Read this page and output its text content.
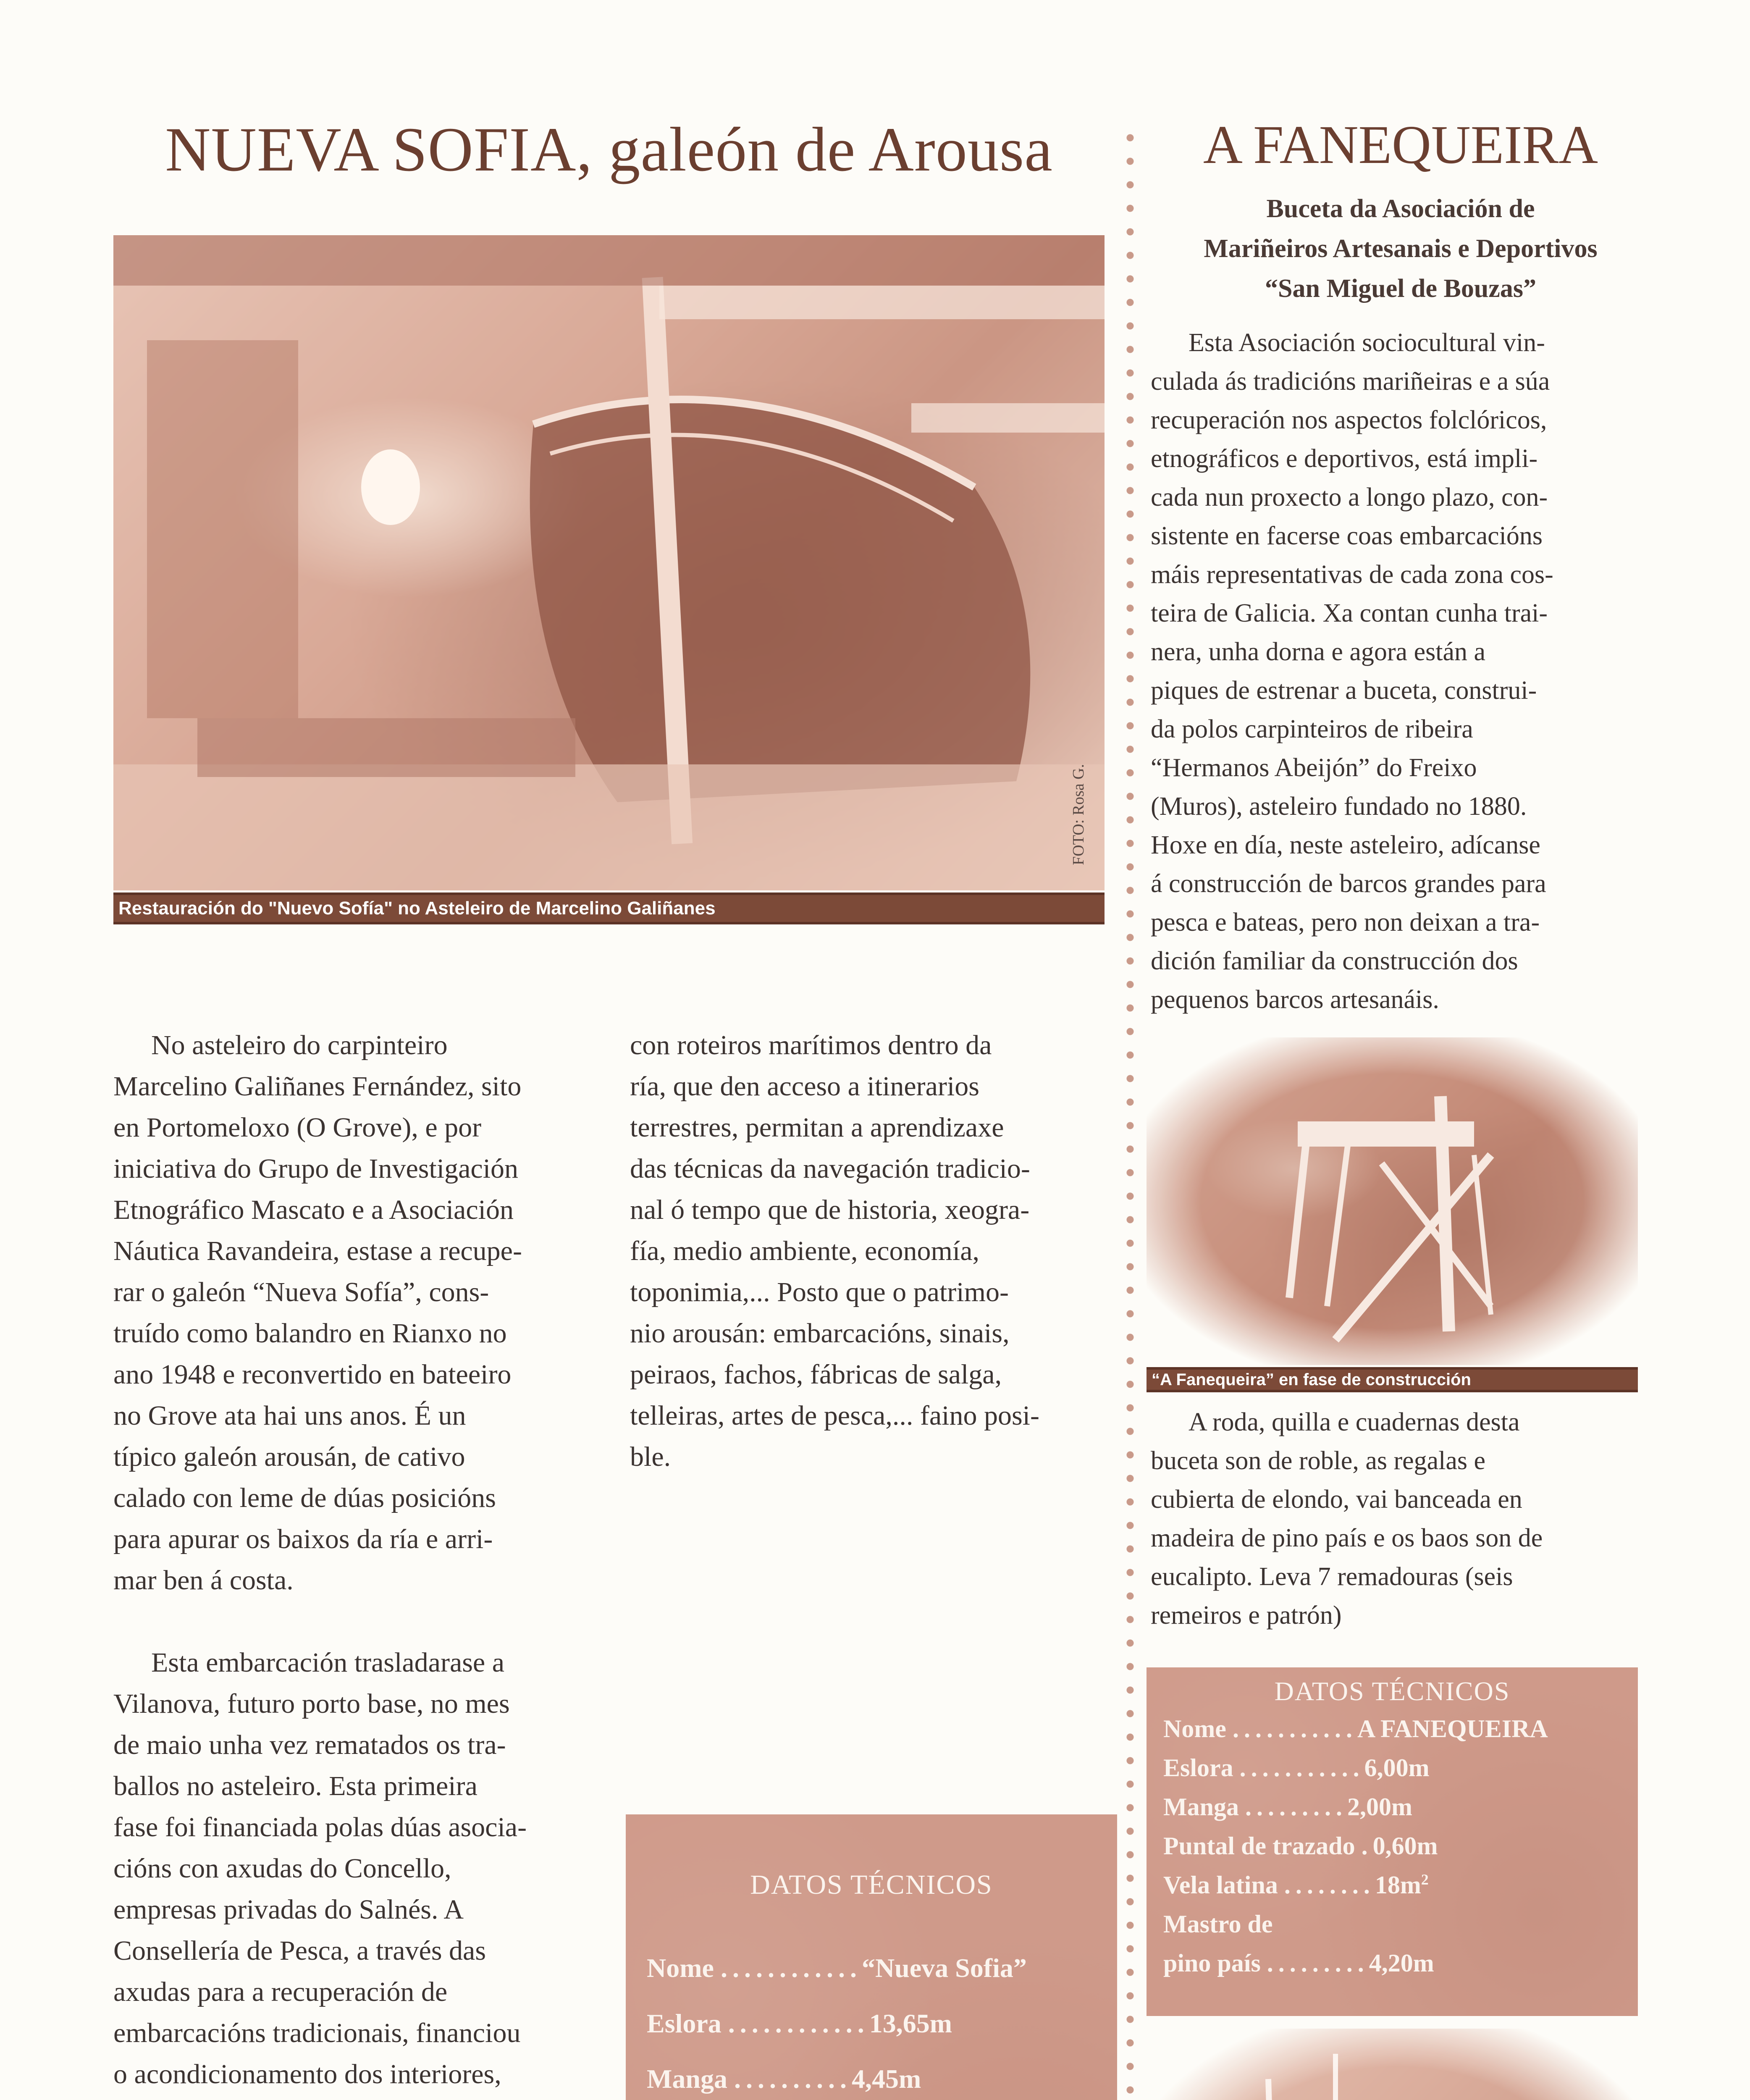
NUEVA SOFIA, galeón de Arousa
FOTO: Rosa G.
Restauración do "Nuevo Sofía" no Asteleiro de Marcelino Galiñanes

No asteleiro do carpinteiro
Marcelino Galiñanes Fernández, sito
en Portomeloxo (O Grove), e por
iniciativa do Grupo de Investigación
Etnográfico Mascato e a Asociación
Náutica Ravandeira, estase a recupe-
rar o galeón “Nueva Sofía”, cons-
truído como balandro en Rianxo no
ano 1948 e reconvertido en bateeiro
no Grove ata hai uns anos. É un
típico galeón arousán, de cativo
calado con leme de dúas posicións
para apurar os baixos da ría e arri-
mar ben á costa.

Esta embarcación trasladarase a
Vilanova, futuro porto base, no mes
de maio unha vez rematados os tra-
ballos no asteleiro. Esta primeira
fase foi financiada polas dúas asocia-
cións con axudas do Concello,
empresas privadas do Salnés. A
Consellería de Pesca, a través das
axudas para a recuperación de
embarcacións tradicionais, financiou
o acondicionamento dos interiores,

con roteiros marítimos dentro da
ría, que den acceso a itinerarios
terrestres, permitan a aprendizaxe
das técnicas da navegación tradicio-
nal ó tempo que de historia, xeogra-
fía, medio ambiente, economía,
toponimia,... Posto que o patrimo-
nio arousán: embarcacións, sinais,
peiraos, fachos, fábricas de salga,
telleiras, artes de pesca,... faino posi-
ble.

DATOS TÉCNICOS
Nome ............“Nueva Sofia”
Eslora ............13,65m
Manga ..........4,45m
A FANEQUEIRA
Buceta da Asociación de
Mariñeiros Artesanais e Deportivos
“San Miguel de Bouzas”

Esta Asociación sociocultural vin-
culada ás tradicións mariñeiras e a súa
recuperación nos aspectos folclóricos,
etnográficos e deportivos, está impli-
cada nun proxecto a longo plazo, con-
sistente en facerse coas embarcacións
máis representativas de cada zona cos-
teira de Galicia. Xa contan cunha trai-
nera, unha dorna e agora están a
piques de estrenar a buceta, construi-
da polos carpinteiros de ribeira
“Hermanos Abeijón” do Freixo
(Muros), asteleiro fundado no 1880.
Hoxe en día, neste asteleiro, adícanse
á construcción de barcos grandes para
pesca e bateas, pero non deixan a tra-
dición familiar da construcción dos
pequenos barcos artesanáis.

“A Fanequeira” en fase de construcción

A roda, quilla e cuadernas desta
buceta son de roble, as regalas e
cubierta de elondo, vai banceada en
madeira de pino país e os baos son de
eucalipto. Leva 7 remadouras (seis
remeiros e patrón)

DATOS TÉCNICOS
Nome ...........A FANEQUEIRA
Eslora ...........6,00m
Manga .........2,00m
Puntal de trazado .0,60m
Vela latina $........18m^2$
Mastro de
pino país .........4,20m
